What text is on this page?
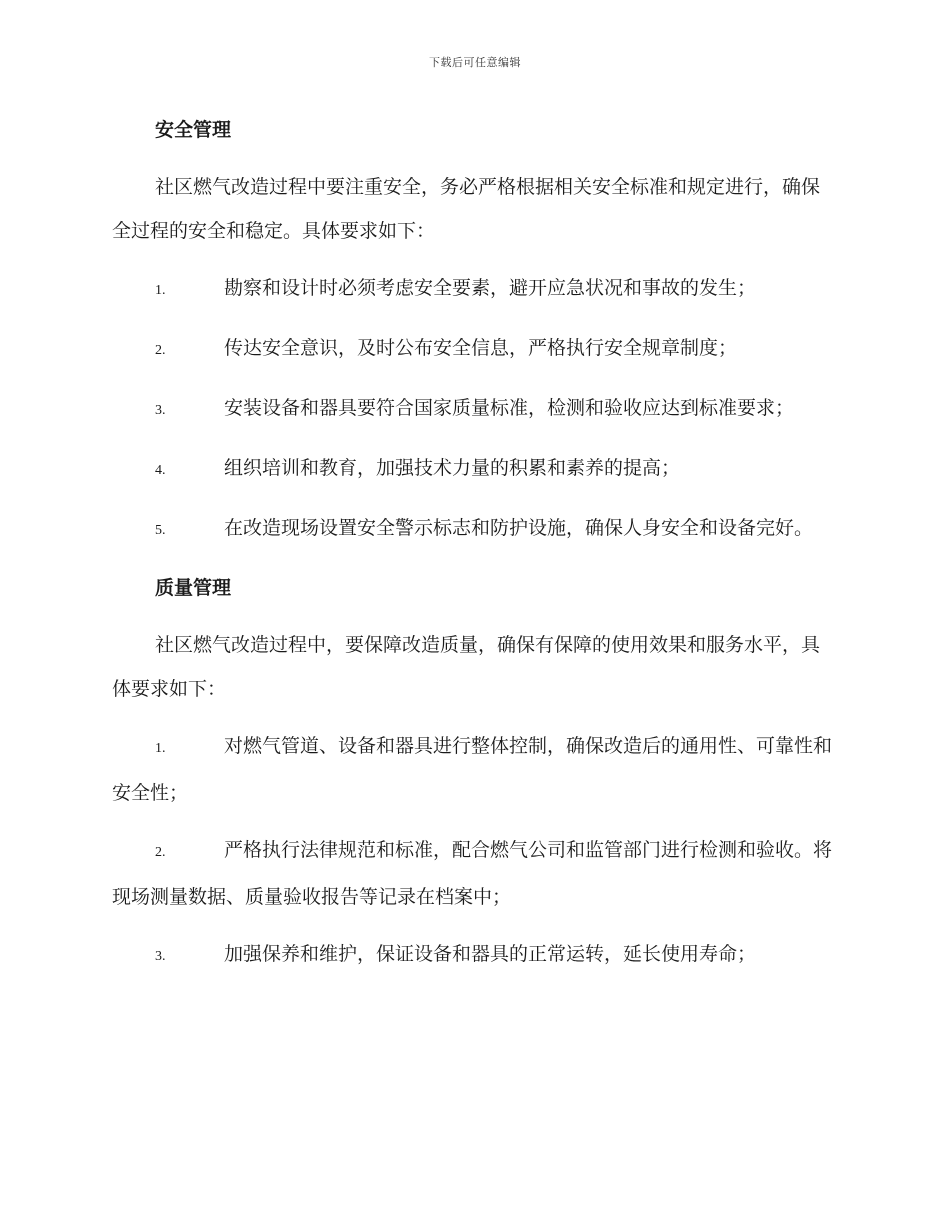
下载后可任意编辑
安全管理

社区燃气改造过程中要注重安全，务必严格根据相关安全标准和规定进行，确保全过程的安全和稳定。具体要求如下：

1.	勘察和设计时必须考虑安全要素，避开应急状况和事故的发生；

2.	传达安全意识，及时公布安全信息，严格执行安全规章制度；

3.	安装设备和器具要符合国家质量标准，检测和验收应达到标准要求；

4.	组织培训和教育，加强技术力量的积累和素养的提高；

5.	在改造现场设置安全警示标志和防护设施，确保人身安全和设备完好。

质量管理

社区燃气改造过程中，要保障改造质量，确保有保障的使用效果和服务水平，具体要求如下：

1.	对燃气管道、设备和器具进行整体控制，确保改造后的通用性、可靠性和安全性；

2.	严格执行法律规范和标准，配合燃气公司和监管部门进行检测和验收。将现场测量数据、质量验收报告等记录在档案中；

3.	加强保养和维护，保证设备和器具的正常运转，延长使用寿命；
